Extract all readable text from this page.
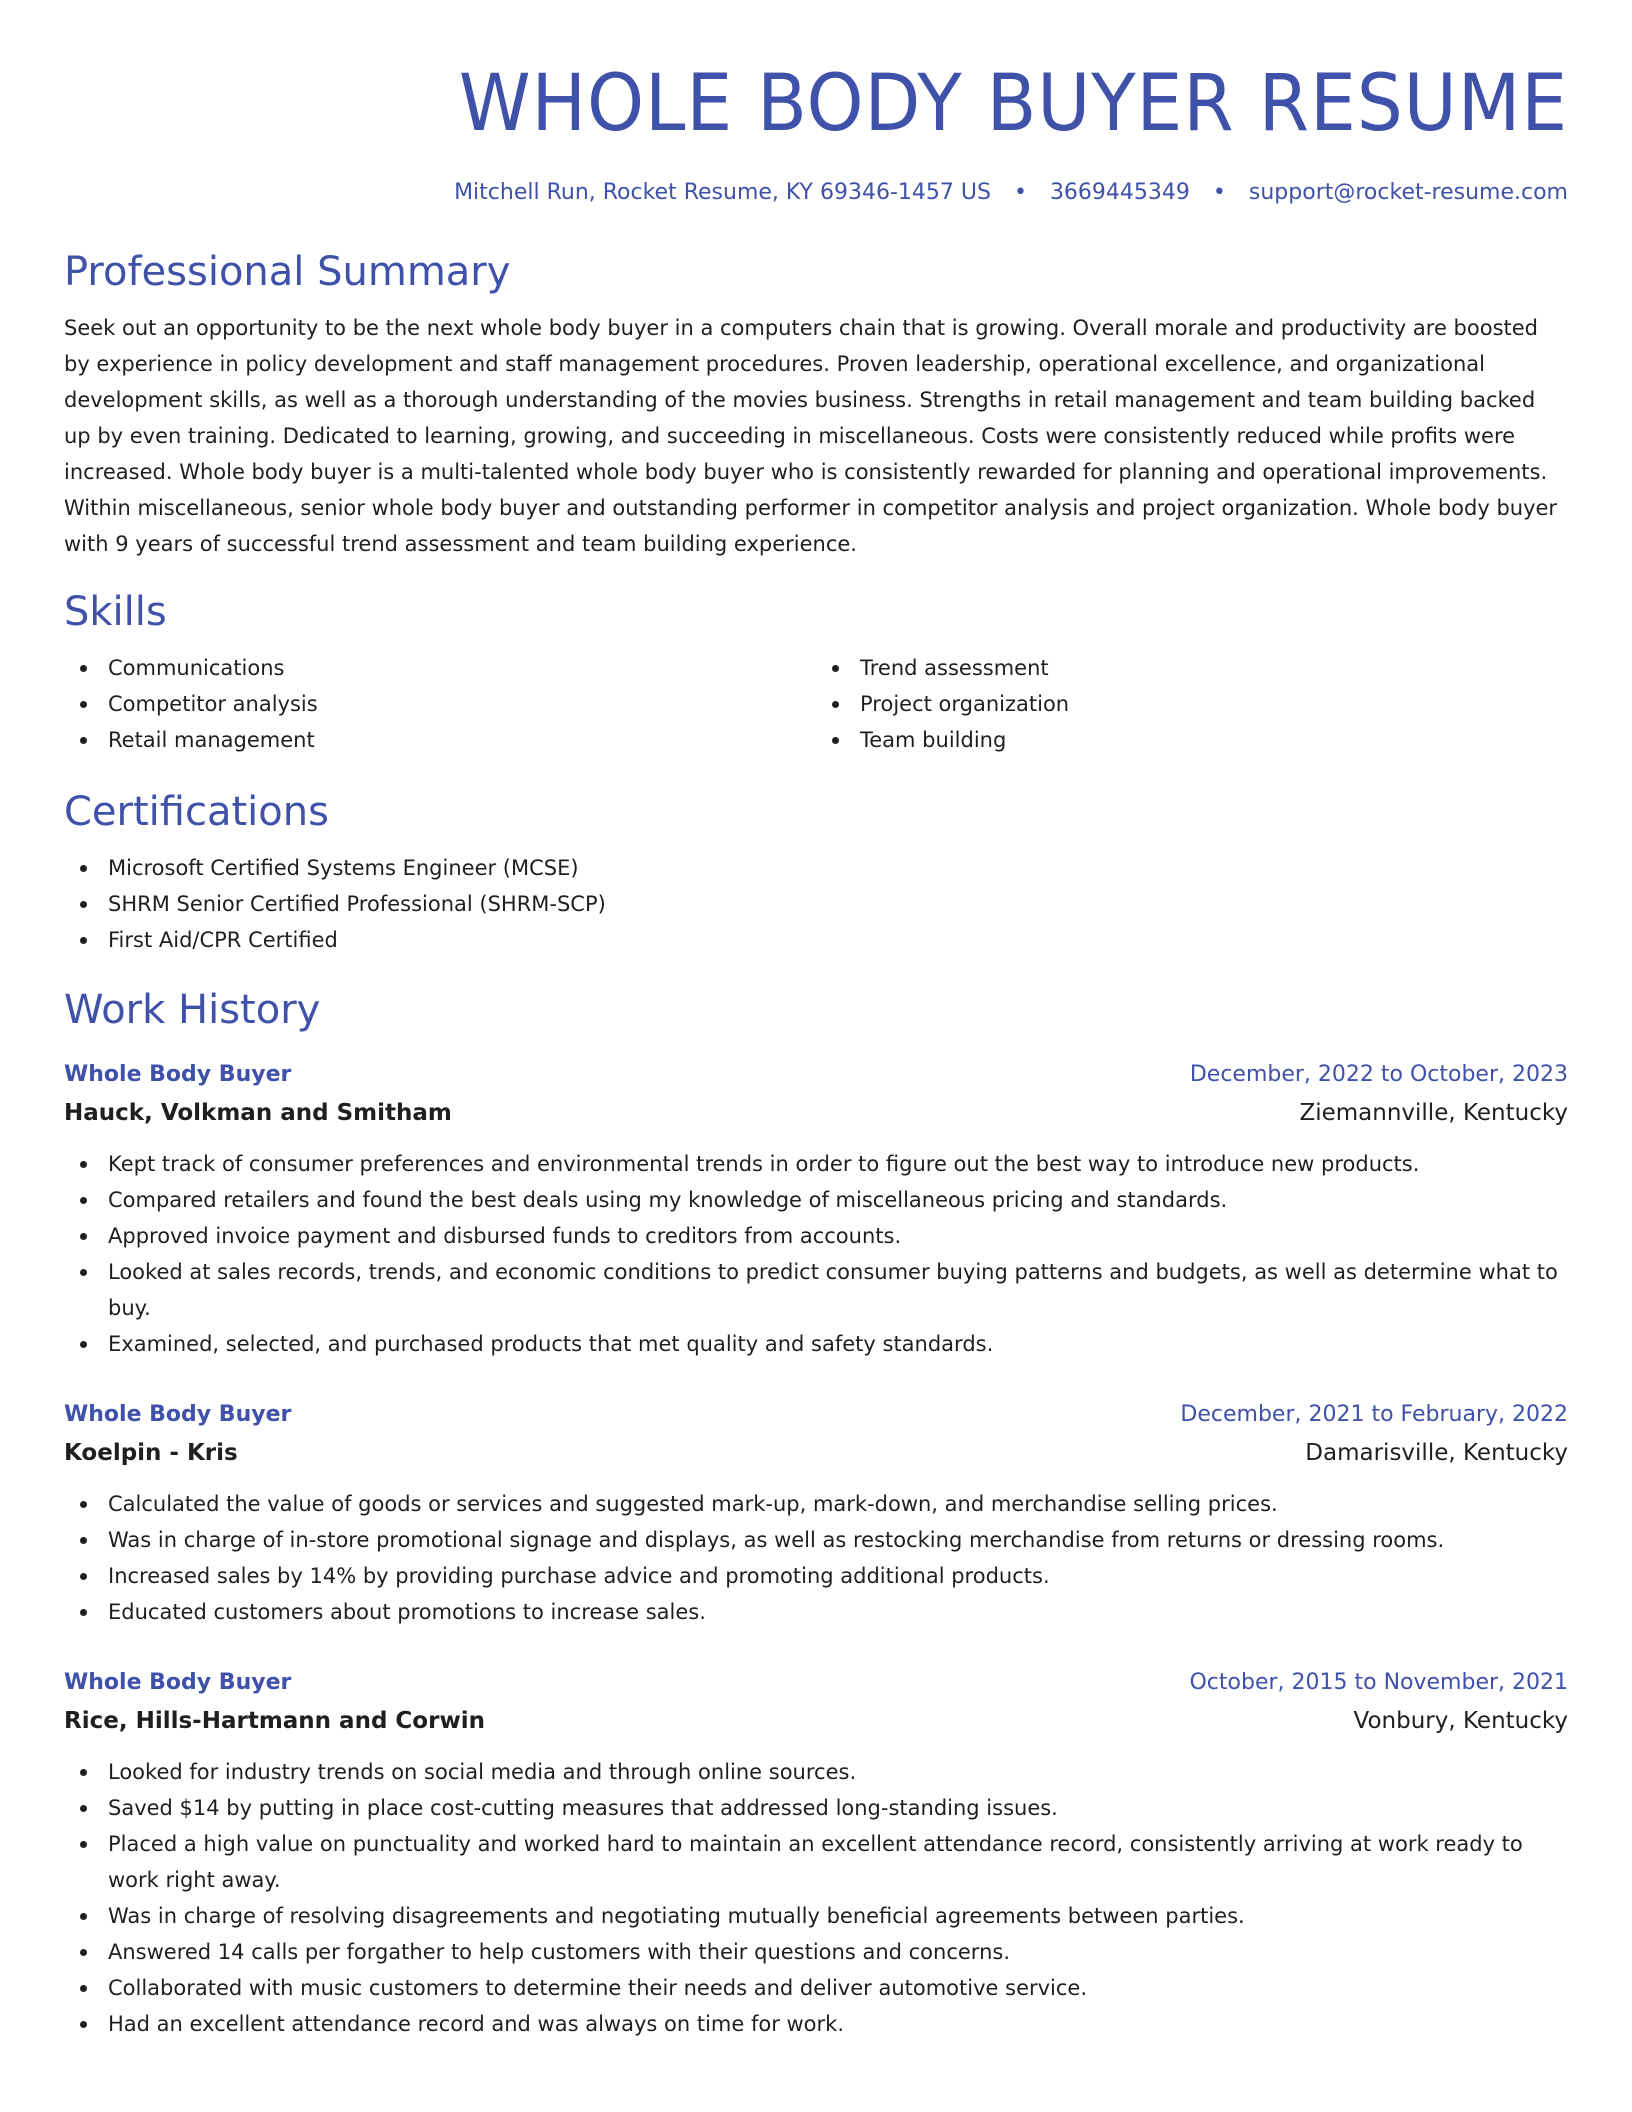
WHOLE BODY BUYER RESUME
Mitchell Run, Rocket Resume, KY 69346-1457 US • 3669445349 • support@rocket-resume.com
Professional Summary

Seek out an opportunity to be the next whole body buyer in a computers chain that is growing. Overall morale and productivity are boosted by experience in policy development and staff management procedures. Proven leadership, operational excellence, and organizational development skills, as well as a thorough understanding of the movies business. Strengths in retail management and team building backed up by even training. Dedicated to learning, growing, and succeeding in miscellaneous. Costs were consistently reduced while profits were increased. Whole body buyer is a multi-talented whole body buyer who is consistently rewarded for planning and operational improvements. Within miscellaneous, senior whole body buyer and outstanding performer in competitor analysis and project organization. Whole body buyer with 9 years of successful trend assessment and team building experience.

Skills
Communications
Competitor analysis
Retail management
Trend assessment
Project organization
Team building
Certifications
Microsoft Certified Systems Engineer (MCSE)
SHRM Senior Certified Professional (SHRM-SCP)
First Aid/CPR Certified
Work History
Whole Body Buyer	December, 2022 to October, 2023
Hauck, Volkman and Smitham	Ziemannville, Kentucky
Kept track of consumer preferences and environmental trends in order to figure out the best way to introduce new products.
Compared retailers and found the best deals using my knowledge of miscellaneous pricing and standards.
Approved invoice payment and disbursed funds to creditors from accounts.
Looked at sales records, trends, and economic conditions to predict consumer buying patterns and budgets, as well as determine what to buy.
Examined, selected, and purchased products that met quality and safety standards.
Whole Body Buyer	December, 2021 to February, 2022
Koelpin - Kris	Damarisville, Kentucky
Calculated the value of goods or services and suggested mark-up, mark-down, and merchandise selling prices.
Was in charge of in-store promotional signage and displays, as well as restocking merchandise from returns or dressing rooms.
Increased sales by 14% by providing purchase advice and promoting additional products.
Educated customers about promotions to increase sales.
Whole Body Buyer	October, 2015 to November, 2021
Rice, Hills-Hartmann and Corwin	Vonbury, Kentucky
Looked for industry trends on social media and through online sources.
Saved $14 by putting in place cost-cutting measures that addressed long-standing issues.
Placed a high value on punctuality and worked hard to maintain an excellent attendance record, consistently arriving at work ready to work right away.
Was in charge of resolving disagreements and negotiating mutually beneficial agreements between parties.
Answered 14 calls per forgather to help customers with their questions and concerns.
Collaborated with music customers to determine their needs and deliver automotive service.
Had an excellent attendance record and was always on time for work.
